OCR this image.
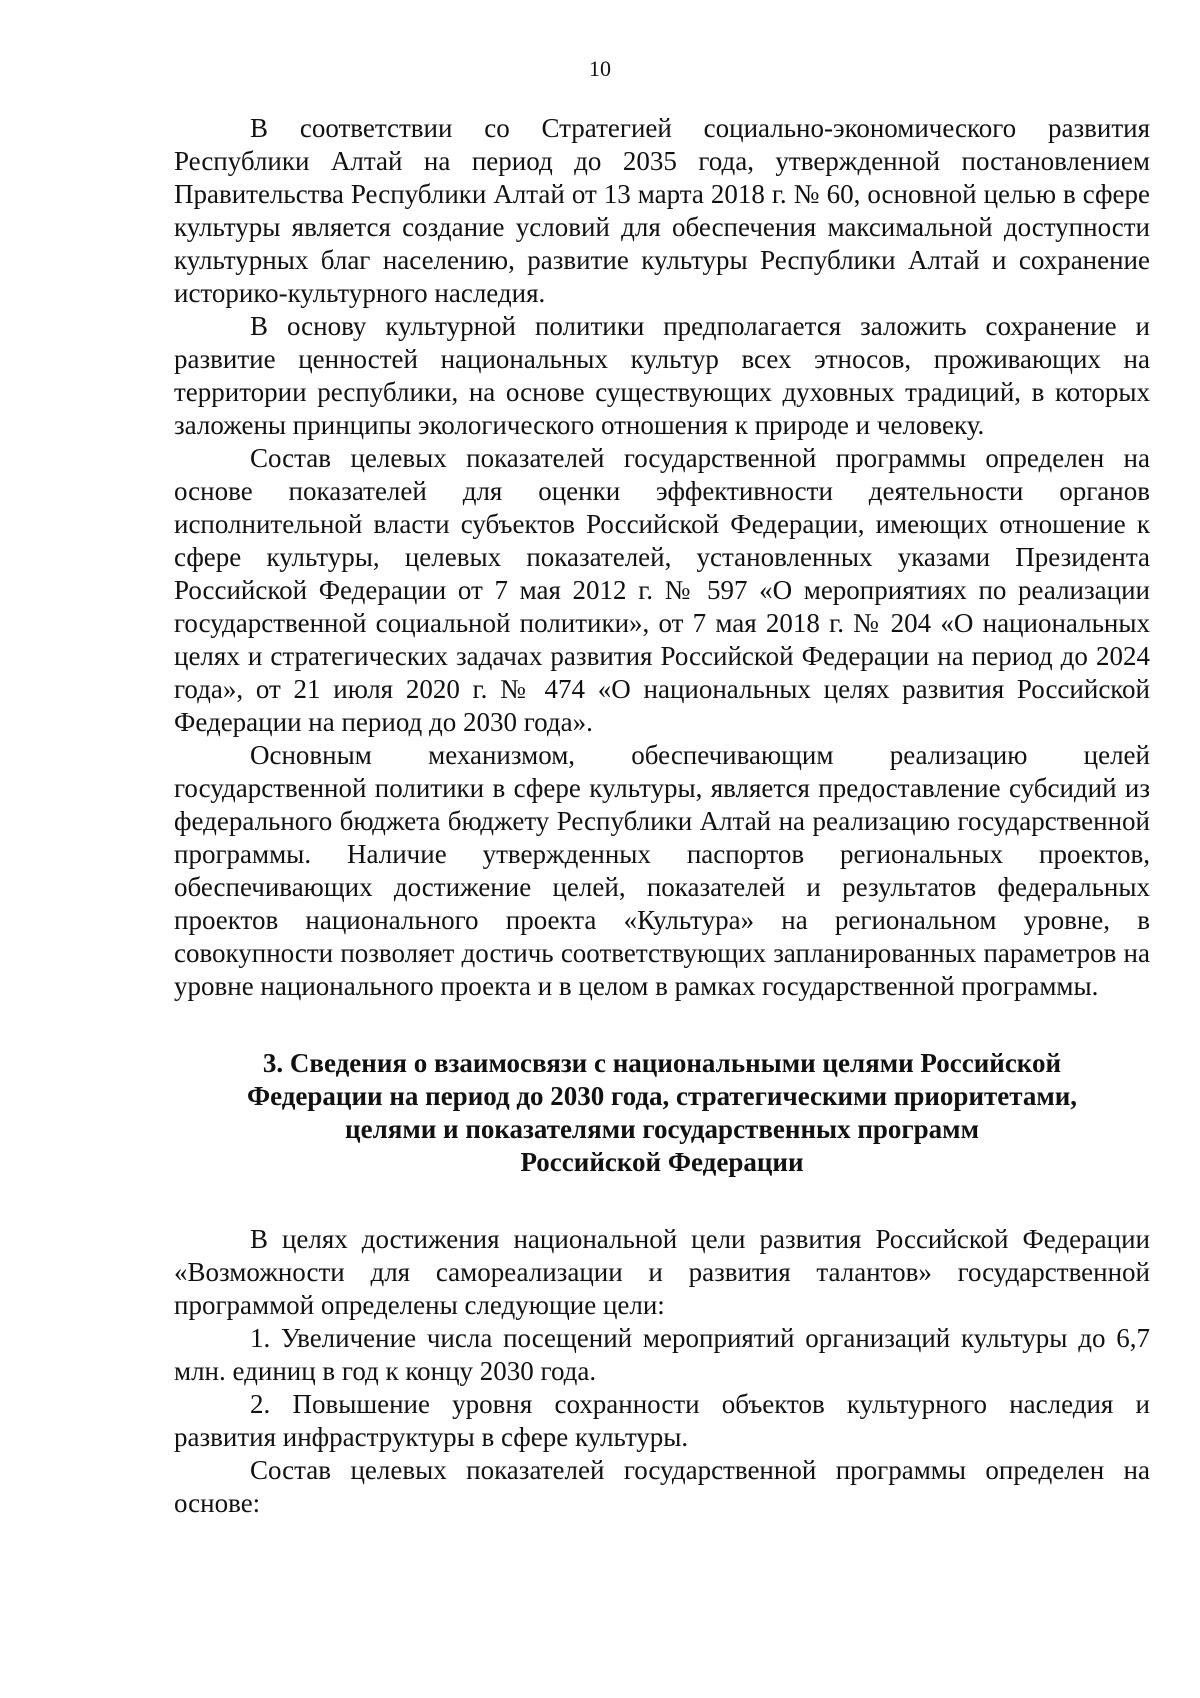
10

В соответствии со Стратегией социально-экономического развития Республики Алтай на период до 2035 года, утвержденной постановлением Правительства Республики Алтай от 13 марта 2018 г. № 60, основной целью в сфере культуры является создание условий для обеспечения максимальной доступности культурных благ населению, развитие культуры Республики Алтай и сохранение историко-культурного наследия.

В основу культурной политики предполагается заложить сохранение и развитие ценностей национальных культур всех этносов, проживающих на территории республики, на основе существующих духовных традиций, в которых заложены принципы экологического отношения к природе и человеку.

Состав целевых показателей государственной программы определен на основе показателей для оценки эффективности деятельности органов исполнительной власти субъектов Российской Федерации, имеющих отношение к сфере культуры, целевых показателей, установленных указами Президента Российской Федерации от 7 мая 2012 г. № 597 «О мероприятиях по реализации государственной социальной политики», от 7 мая 2018 г. № 204 «О национальных целях и стратегических задачах развития Российской Федерации на период до 2024 года», от 21 июля 2020 г. № 474 «О национальных целях развития Российской Федерации на период до 2030 года».

Основным механизмом, обеспечивающим реализацию целей государственной политики в сфере культуры, является предоставление субсидий из федерального бюджета бюджету Республики Алтай на реализацию государственной программы. Наличие утвержденных паспортов региональных проектов, обеспечивающих достижение целей, показателей и результатов федеральных проектов национального проекта «Культура» на региональном уровне, в совокупности позволяет достичь соответствующих запланированных параметров на уровне национального проекта и в целом в рамках государственной программы.

3. Сведения о взаимосвязи с национальными целями Российской
Федерации на период до 2030 года, стратегическими приоритетами,
целями и показателями государственных программ
Российской Федерации

В целях достижения национальной цели развития Российской Федерации «Возможности для самореализации и развития талантов» государственной программой определены следующие цели:

1. Увеличение числа посещений мероприятий организаций культуры до 6,7 млн. единиц в год к концу 2030 года.

2. Повышение уровня сохранности объектов культурного наследия и развития инфраструктуры в сфере культуры.

Состав целевых показателей государственной программы определен на основе:
